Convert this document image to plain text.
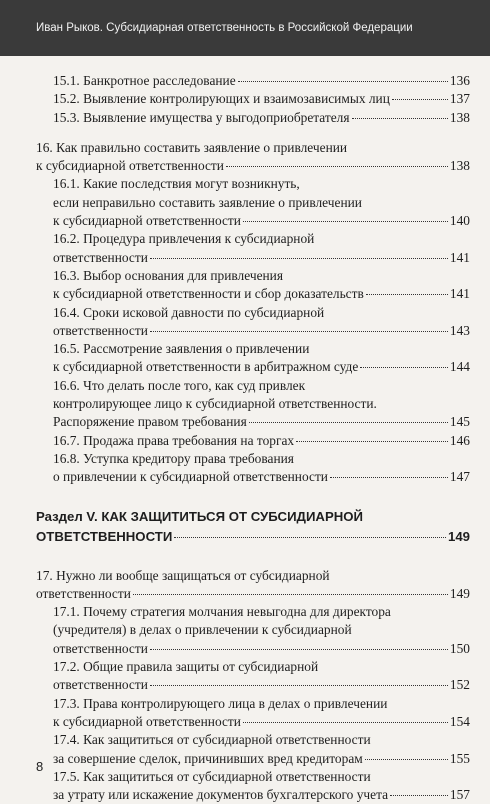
Иван Рыков. Субсидиарная ответственность в Российской Федерации
15.1. Банкротное расследование	136
15.2. Выявление контролирующих и взаимозависимых лиц	137
15.3. Выявление имущества у выгодоприобретателя	138
16. Как правильно составить заявление о привлечении
к субсидиарной ответственности	138
16.1. Какие последствия могут возникнуть,
если неправильно составить заявление о привлечении
к субсидиарной ответственности	140
16.2. Процедура привлечения к субсидиарной
ответственности	141
16.3. Выбор основания для привлечения
к субсидиарной ответственности и сбор доказательств	141
16.4. Сроки исковой давности по субсидиарной
ответственности	143
16.5. Рассмотрение заявления о привлечении
к субсидиарной ответственности в арбитражном суде	144
16.6. Что делать после того, как суд привлек
контролирующее лицо к субсидиарной ответственности.
Распоряжение правом требования	145
16.7. Продажа права требования на торгах	146
16.8. Уступка кредитору права требования
о привлечении к субсидиарной ответственности	147
Раздел V. КАК ЗАЩИТИТЬСЯ ОТ СУБСИДИАРНОЙ
ОТВЕТСТВЕННОСТИ	149
17. Нужно ли вообще защищаться от субсидиарной
ответственности	149
17.1. Почему стратегия молчания невыгодна для директора
(учредителя) в делах о привлечении к субсидиарной
ответственности	150
17.2. Общие правила защиты от субсидиарной
ответственности	152
17.3. Права контролирующего лица в делах о привлечении
к субсидиарной ответственности	154
17.4. Как защититься от субсидиарной ответственности
за совершение сделок, причинивших вред кредиторам	155
17.5. Как защититься от субсидиарной ответственности
за утрату или искажение документов бухгалтерского учета	157
8
